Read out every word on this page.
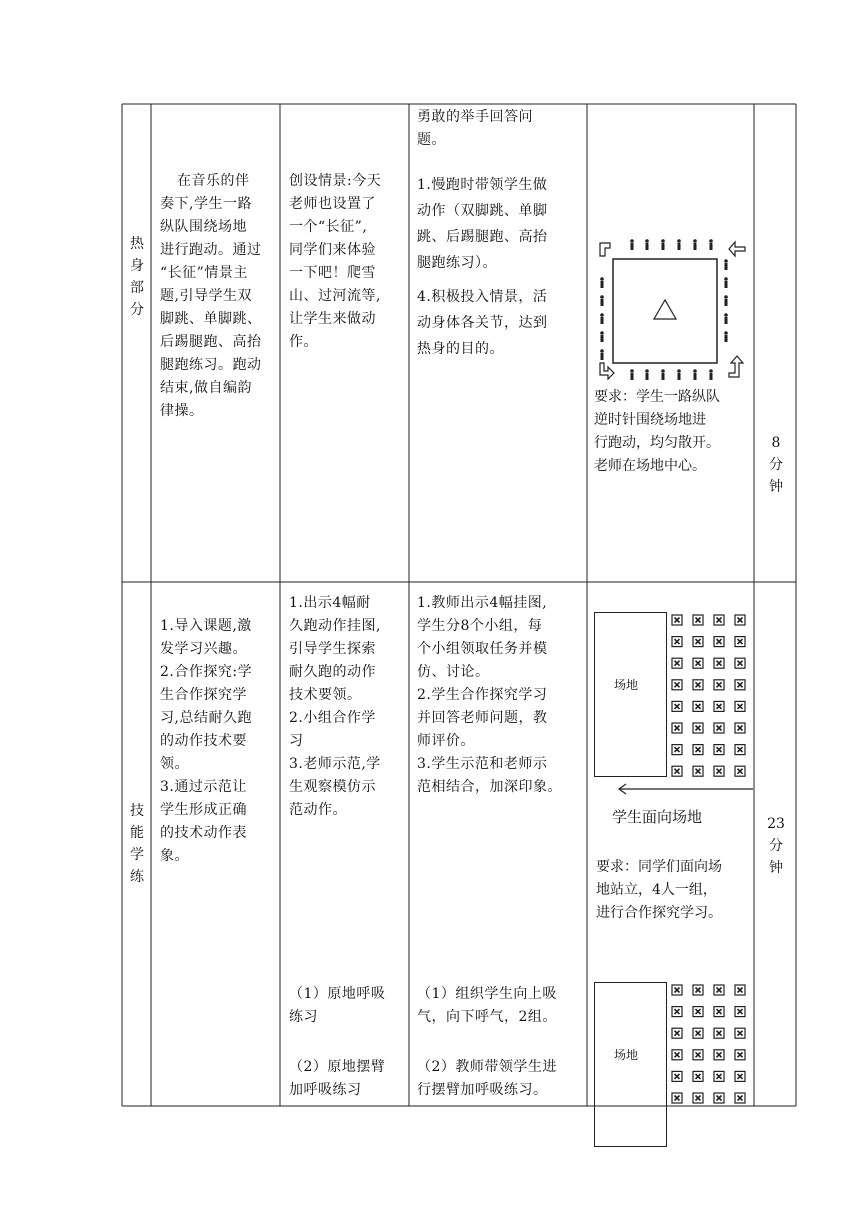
热
身
部
分
在音乐的伴
奏下,学生一路
纵队围绕场地
进行跑动。通过
“长征”情景主
题,引导学生双
脚跳、单脚跳、
后踢腿跑、高抬
腿跑练习。跑动
结束,做自编韵
律操。
创设情景:今天
老师也设置了
一个“长征”,
同学们来体验
一下吧！爬雪
山、过河流等,
让学生来做动
作。
勇敢的举手回答问
题。
1.慢跑时带领学生做
动作（双脚跳、单脚
跳、后踢腿跑、高抬
腿跑练习）。
4.积极投入情景，活
动身体各关节，达到
热身的目的。
要求：学生一路纵队
逆时针围绕场地进
行跑动，均匀散开。
老师在场地中心。
8
分
钟
技
能
学
练
1.导入课题,激
发学习兴趣。
2.合作探究:学
生合作探究学
习,总结耐久跑
的动作技术要
领。
3.通过示范让
学生形成正确
的技术动作表
象。
1.出示4幅耐
久跑动作挂图,
引导学生探索
耐久跑的动作
技术要领。
2.小组合作学
习
3.老师示范,学
生观察模仿示
范动作。
1.教师出示4幅挂图,
学生分8个小组，每
个小组领取任务并模
仿、讨论。
2.学生合作探究学习
并回答老师问题，教
师评价。
3.学生示范和老师示
范相结合，加深印象。
场地
学生面向场地
要求：同学们面向场
地站立，4人一组，
进行合作探究学习。
23
分
钟
（1）原地呼吸
练习
（2）原地摆臂
加呼吸练习
（1）组织学生向上吸
气，向下呼气，2组。
（2）教师带领学生进
行摆臂加呼吸练习。
场地
